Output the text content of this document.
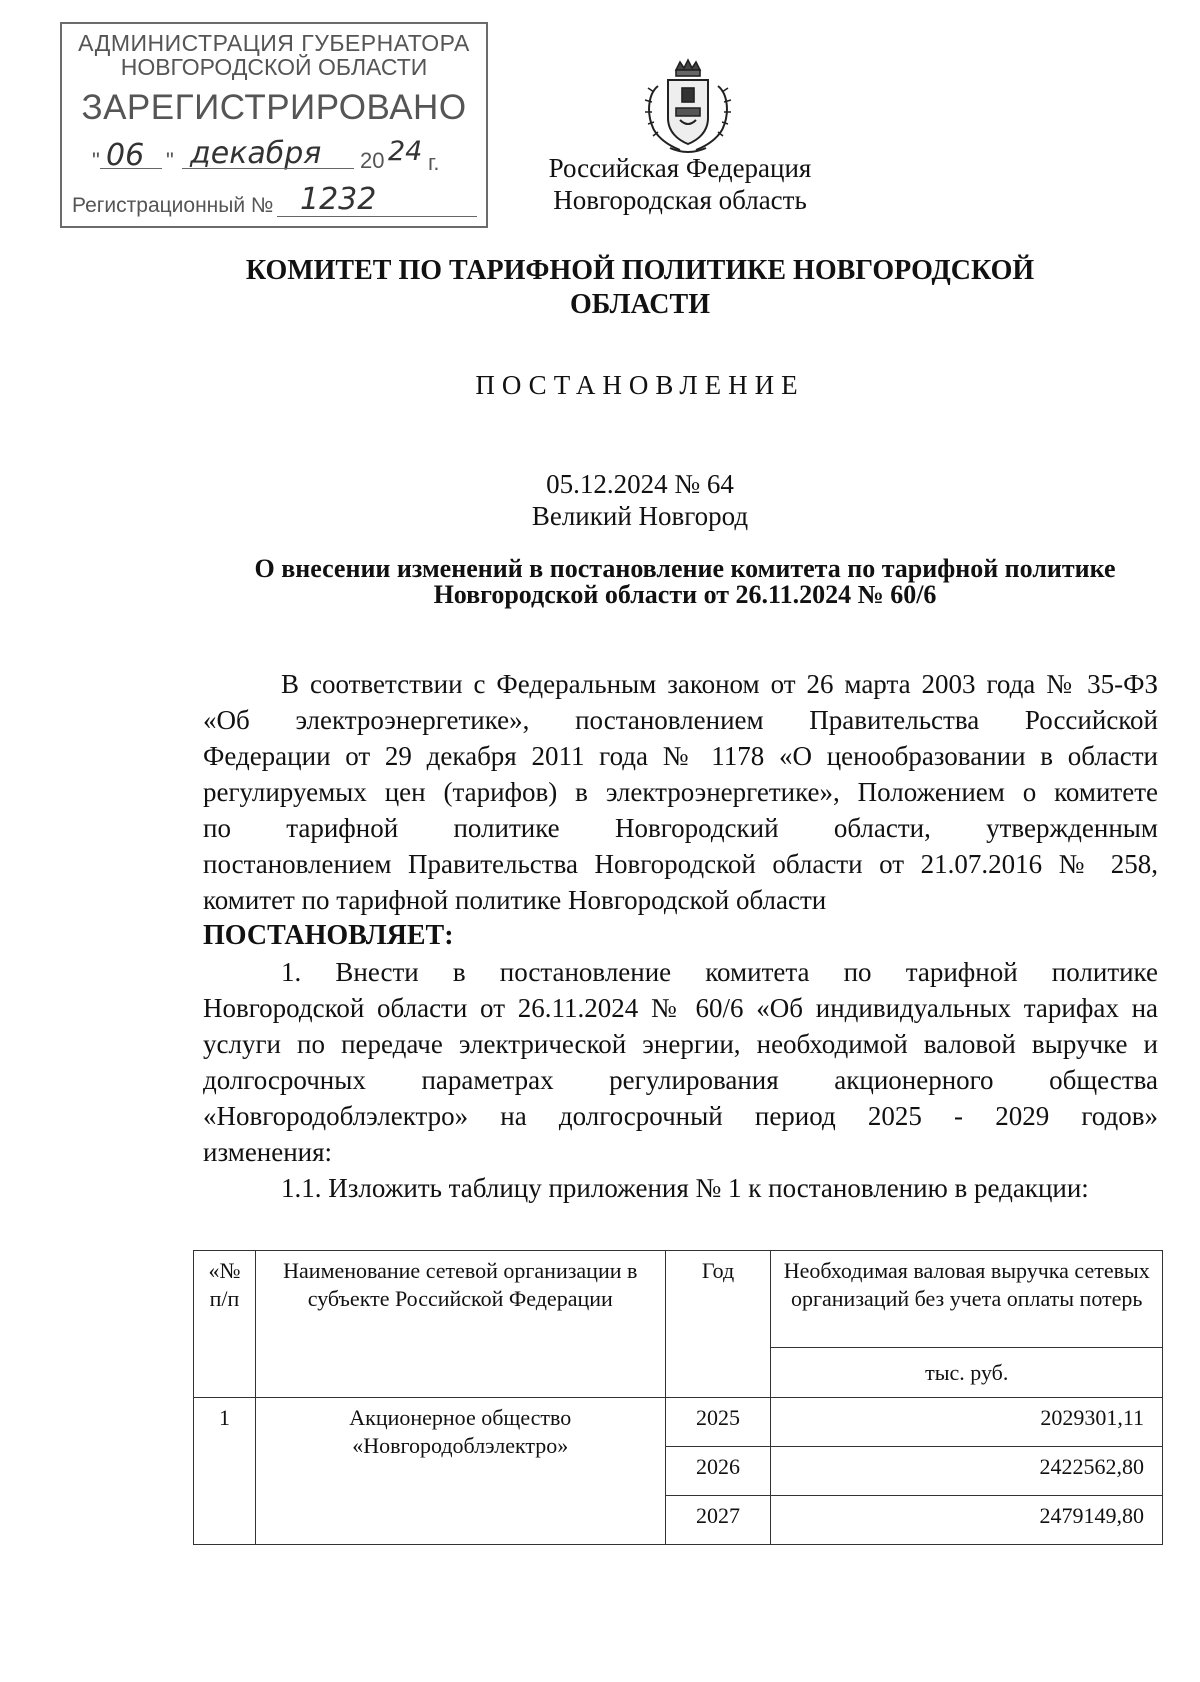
АДМИНИСТРАЦИЯ ГУБЕРНАТОРА
НОВГОРОДСКОЙ ОБЛАСТИ
ЗАРЕГИСТРИРОВАНО
" 06 " декабря 20 24 г.
Регистрационный № 1232
Российская Федерация
Новгородская область
КОМИТЕТ ПО ТАРИФНОЙ ПОЛИТИКЕ НОВГОРОДСКОЙ
ОБЛАСТИ
ПОСТАНОВЛЕНИЕ
05.12.2024 № 64
Великий Новгород
О внесении изменений в постановление комитета по тарифной политике
Новгородской области от 26.11.2024 № 60/6

В соответствии с Федеральным законом от 26 марта 2003 года № 35-ФЗ

«Об электроэнергетике», постановлением Правительства Российской

Федерации от 29 декабря 2011 года № 1178 «О ценообразовании в области

регулируемых цен (тарифов) в электроэнергетике», Положением о комитете

по тарифной политике Новгородский области, утвержденным

постановлением Правительства Новгородской области от 21.07.2016 № 258,

комитет по тарифной политике Новгородской области

ПОСТАНОВЛЯЕТ:

1. Внести в постановление комитета по тарифной политике

Новгородской области от 26.11.2024 № 60/6 «Об индивидуальных тарифах на

услуги по передаче электрической энергии, необходимой валовой выручке и

долгосрочных параметрах регулирования акционерного общества

«Новгородоблэлектро» на долгосрочный период 2025 - 2029 годов»

изменения:

1.1. Изложить таблицу приложения № 1 к постановлению в редакции:

«№ п/п	Наименование сетевой организации в субъекте Российской Федерации	Год	Необходимая валовая выручка сетевых организаций без учета оплаты потерь
			тыс. руб.
1	Акционерное общество «Новгородоблэлектро»	2025	2029301,11
		2026	2422562,80
		2027	2479149,80
